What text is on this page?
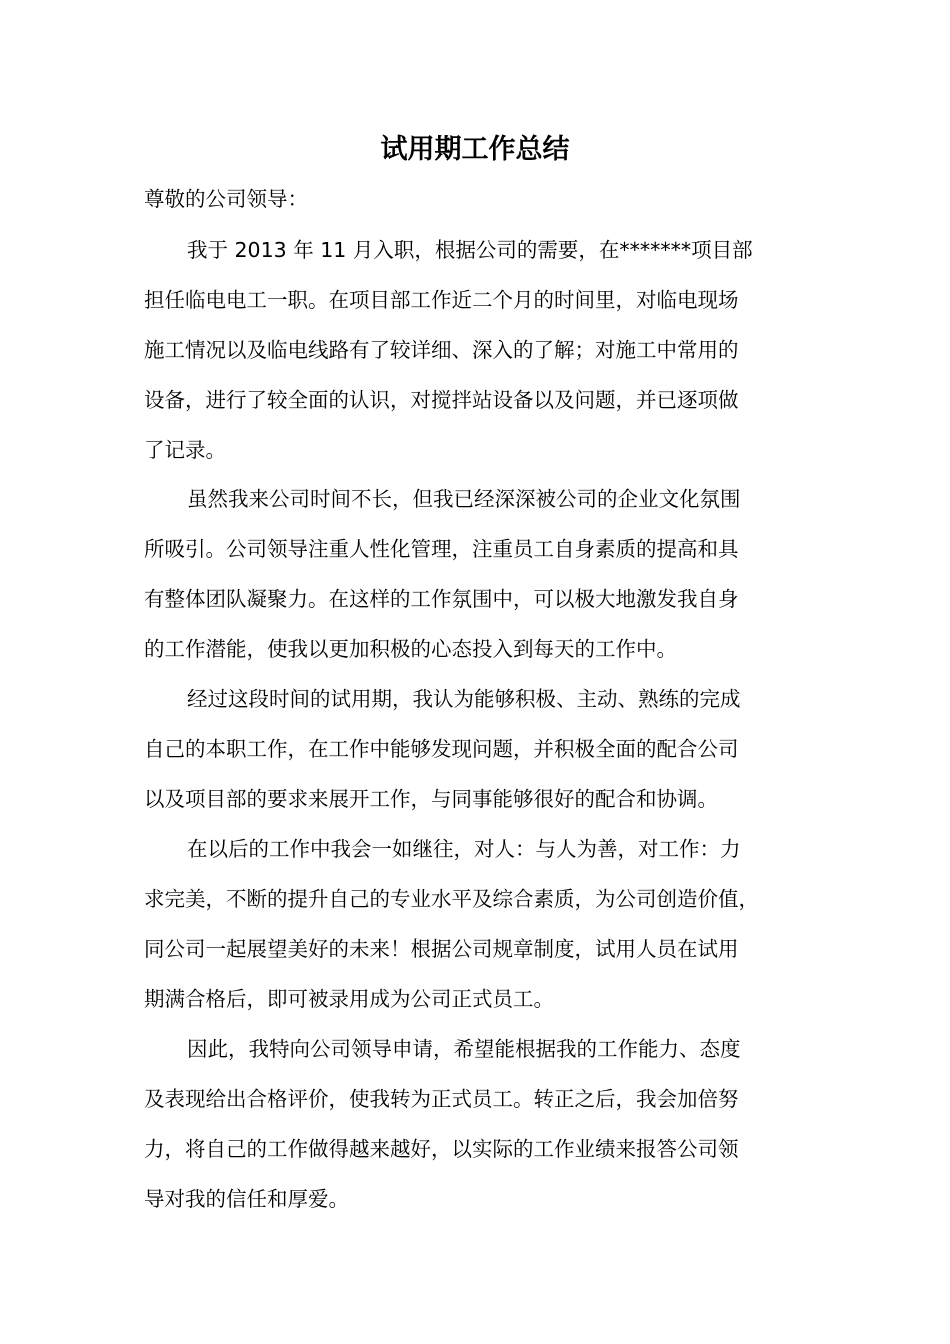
试用期工作总结

尊敬的公司领导：

我于 2013 年 11 月入职，根据公司的需要，在*******项目部
担任临电电工一职。在项目部工作近二个月的时间里，对临电现场
施工情况以及临电线路有了较详细、深入的了解；对施工中常用的
设备，进行了较全面的认识，对搅拌站设备以及问题，并已逐项做
了记录。
虽然我来公司时间不长，但我已经深深被公司的企业文化氛围
所吸引。公司领导注重人性化管理，注重员工自身素质的提高和具
有整体团队凝聚力。在这样的工作氛围中，可以极大地激发我自身
的工作潜能，使我以更加积极的心态投入到每天的工作中。
经过这段时间的试用期，我认为能够积极、主动、熟练的完成
自己的本职工作，在工作中能够发现问题，并积极全面的配合公司
以及项目部的要求来展开工作，与同事能够很好的配合和协调。
在以后的工作中我会一如继往，对人：与人为善，对工作：力
求完美，不断的提升自己的专业水平及综合素质，为公司创造价值，
同公司一起展望美好的未来！根据公司规章制度，试用人员在试用
期满合格后，即可被录用成为公司正式员工。
因此，我特向公司领导申请，希望能根据我的工作能力、态度
及表现给出合格评价，使我转为正式员工。转正之后，我会加倍努
力，将自己的工作做得越来越好，以实际的工作业绩来报答公司领
导对我的信任和厚爱。
